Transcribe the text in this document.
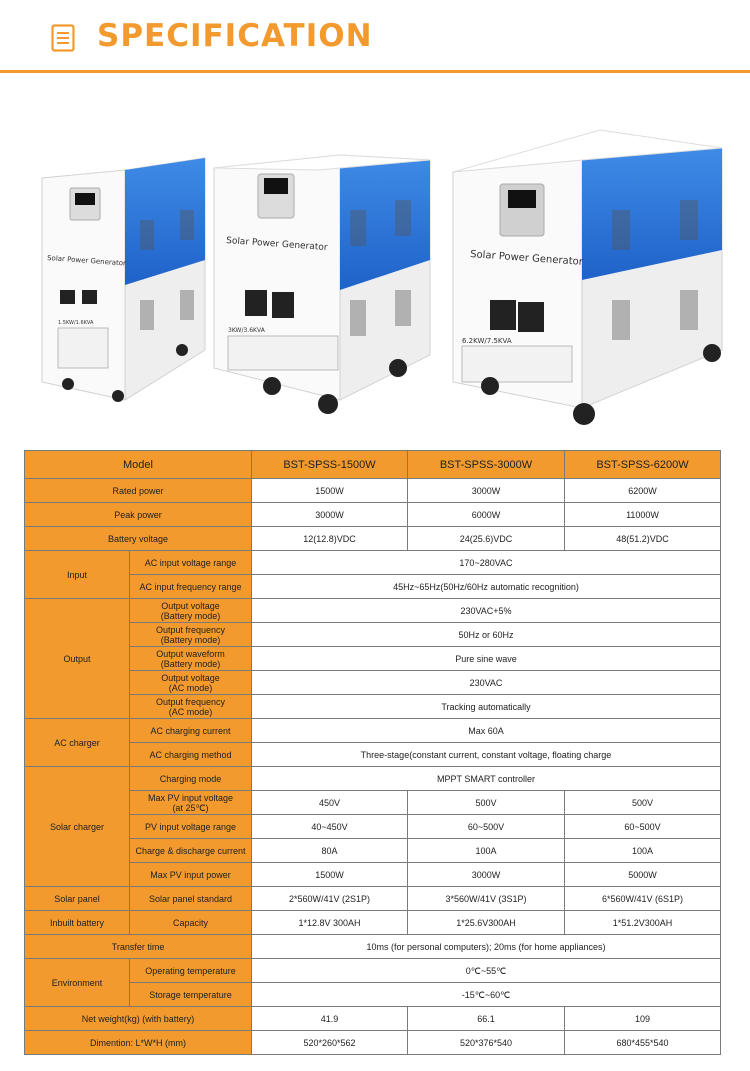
SPECIFICATION
Solar Power Generator
1.5KW/1.6KVA
Solar Power Generator
3KW/3.6KVA
Solar Power Generator
6.2KW/7.5KVA
Model		BST-SPSS-1500W	BST-SPSS-3000W	BST-SPSS-6200W
Rated power		1500W	3000W	6200W
Peak power		3000W	6000W	11000W
Battery voltage		12(12.8)VDC	24(25.6)VDC	48(51.2)VDC
Input	AC input voltage range	170~280VAC		
	AC input frequency range	45Hz~65Hz(50Hz/60Hz automatic recognition)		
Output	Output voltage
(Battery mode)	230VAC+5%		
	Output frequency
(Battery mode)	50Hz or 60Hz		
	Output waveform
(Battery mode)	Pure sine wave		
	Output voltage
(AC mode)	230VAC		
	Output frequency
(AC mode)	Tracking automatically		
AC charger	AC charging current	Max 60A		
	AC charging method	Three-stage(constant current, constant voltage, floating charge		
Solar charger	Charging mode	MPPT SMART controller		
	Max PV input voltage
(at 25℃)	450V	500V	500V
	PV input voltage range	40~450V	60~500V	60~500V
	Charge & discharge current	80A	100A	100A
	Max PV input power	1500W	3000W	5000W
Solar panel	Solar panel standard	2*560W/41V (2S1P)	3*560W/41V (3S1P)	6*560W/41V (6S1P)
Inbuilt battery	Capacity	1*12.8V 300AH	1*25.6V300AH	1*51.2V300AH
Transfer time		10ms (for personal computers); 20ms (for home appliances)		
Environment	Operating temperature	0℃~55℃		
	Storage temperature	-15℃~60℃		
Net weight(kg) (with battery)		41.9	66.1	109
Dimention: L*W*H (mm)		520*260*562	520*376*540	680*455*540
